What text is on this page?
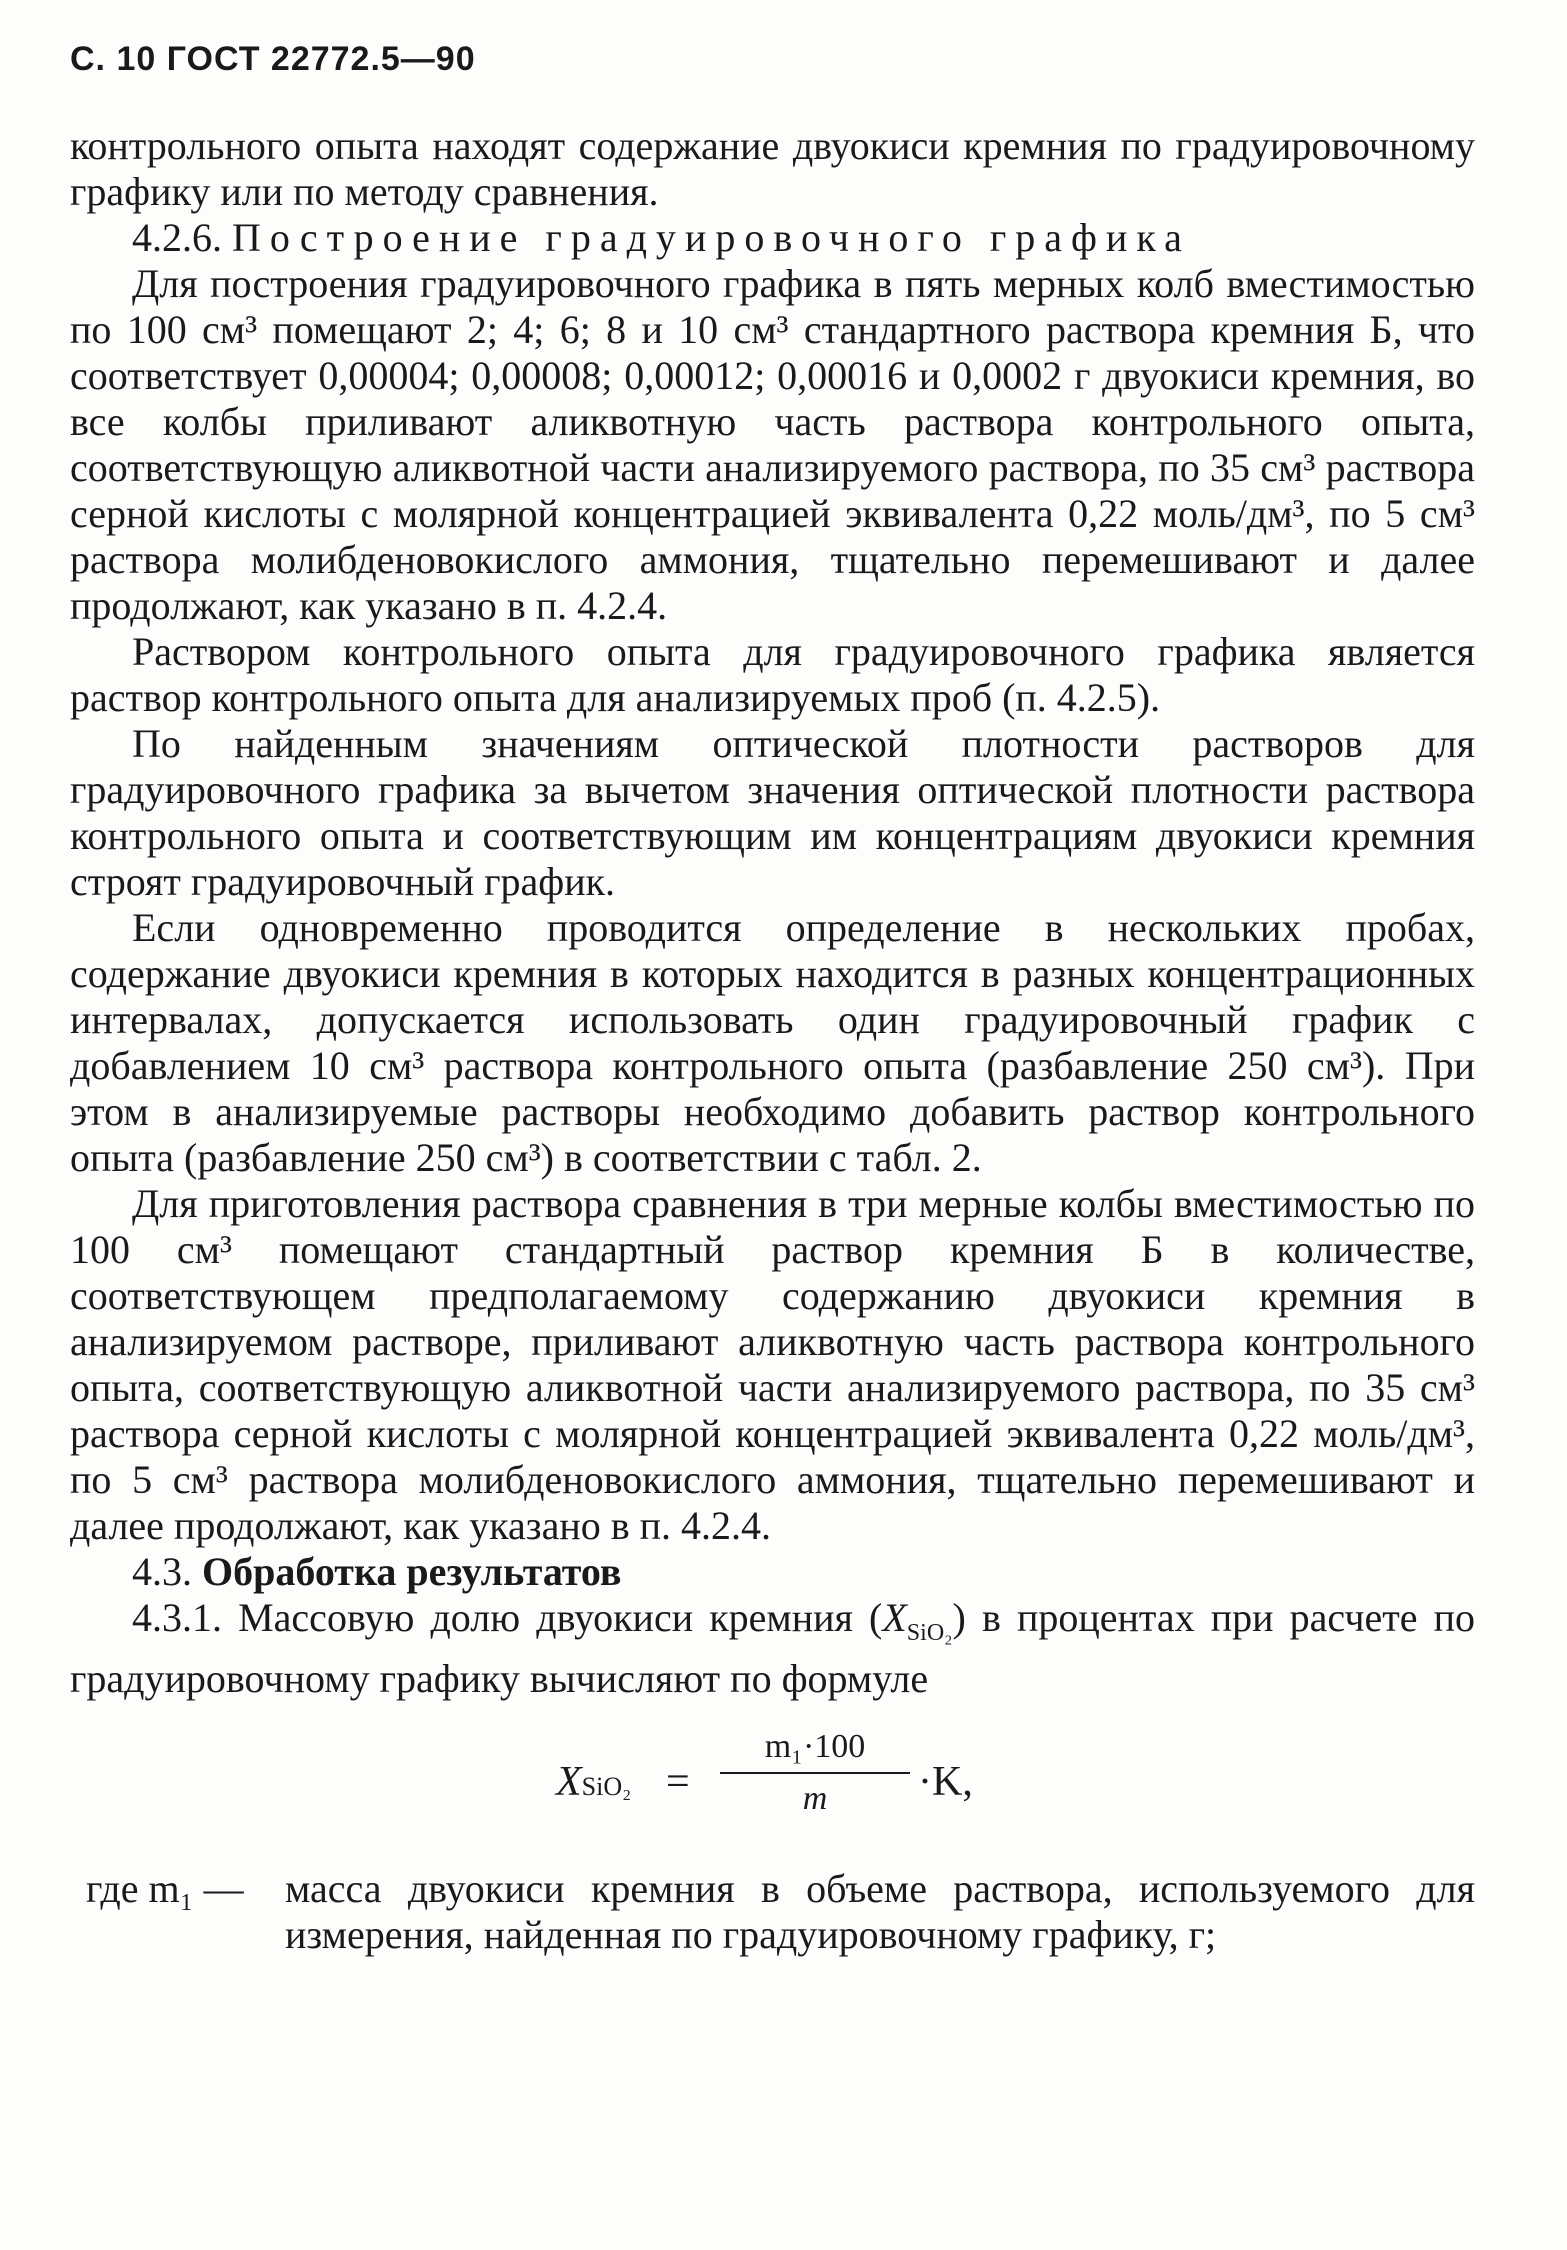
С. 10 ГОСТ 22772.5—90

контрольного опыта находят содержание двуокиси кремния по градуировочному графику или по методу сравнения.

4.2.6. Построение градуировочного графика

Для построения градуировочного графика в пять мерных колб вместимостью по 100 см³ помещают 2; 4; 6; 8 и 10 см³ стандартного раствора кремния Б, что соответствует 0,00004; 0,00008; 0,00012; 0,00016 и 0,0002 г двуокиси кремния, во все колбы приливают аликвотную часть раствора контрольного опыта, соответствующую аликвотной части анализируемого раствора, по 35 см³ раствора серной кислоты с молярной концентрацией эквивалента 0,22 моль/дм³, по 5 см³ раствора молибденовокислого аммония, тщательно перемешивают и далее продолжают, как указано в п. 4.2.4.

Раствором контрольного опыта для градуировочного графика является раствор контрольного опыта для анализируемых проб (п. 4.2.5).

По найденным значениям оптической плотности растворов для градуировочного графика за вычетом значения оптической плотности раствора контрольного опыта и соответствующим им концентрациям двуокиси кремния строят градуировочный график.

Если одновременно проводится определение в нескольких пробах, содержание двуокиси кремния в которых находится в разных концентрационных интервалах, допускается использовать один градуировочный график с добавлением 10 см³ раствора контрольного опыта (разбавление 250 см³). При этом в анализируемые растворы необходимо добавить раствор контрольного опыта (разбавление 250 см³) в соответствии с табл. 2.

Для приготовления раствора сравнения в три мерные колбы вместимостью по 100 см³ помещают стандартный раствор кремния Б в количестве, соответствующем предполагаемому содержанию двуокиси кремния в анализируемом растворе, приливают аликвотную часть раствора контрольного опыта, соответствующую аликвотной части анализируемого раствора, по 35 см³ раствора серной кислоты с молярной концентрацией эквивалента 0,22 моль/дм³, по 5 см³ раствора молибденовокислого аммония, тщательно перемешивают и далее продолжают, как указано в п. 4.2.4.

4.3. Обработка результатов

4.3.1. Массовую долю двуокиси кремния $(X_{SiO_2})$ в процентах при расчете по градуировочному графику вычисляют по формуле

XSiO₂ = $\frac{\text{m₁·100}}{m} \cdot K$,
где m₁ —	масса двуокиси кремния в объеме раствора, используемого для измерения, найденная по градуировочному графику, г;
